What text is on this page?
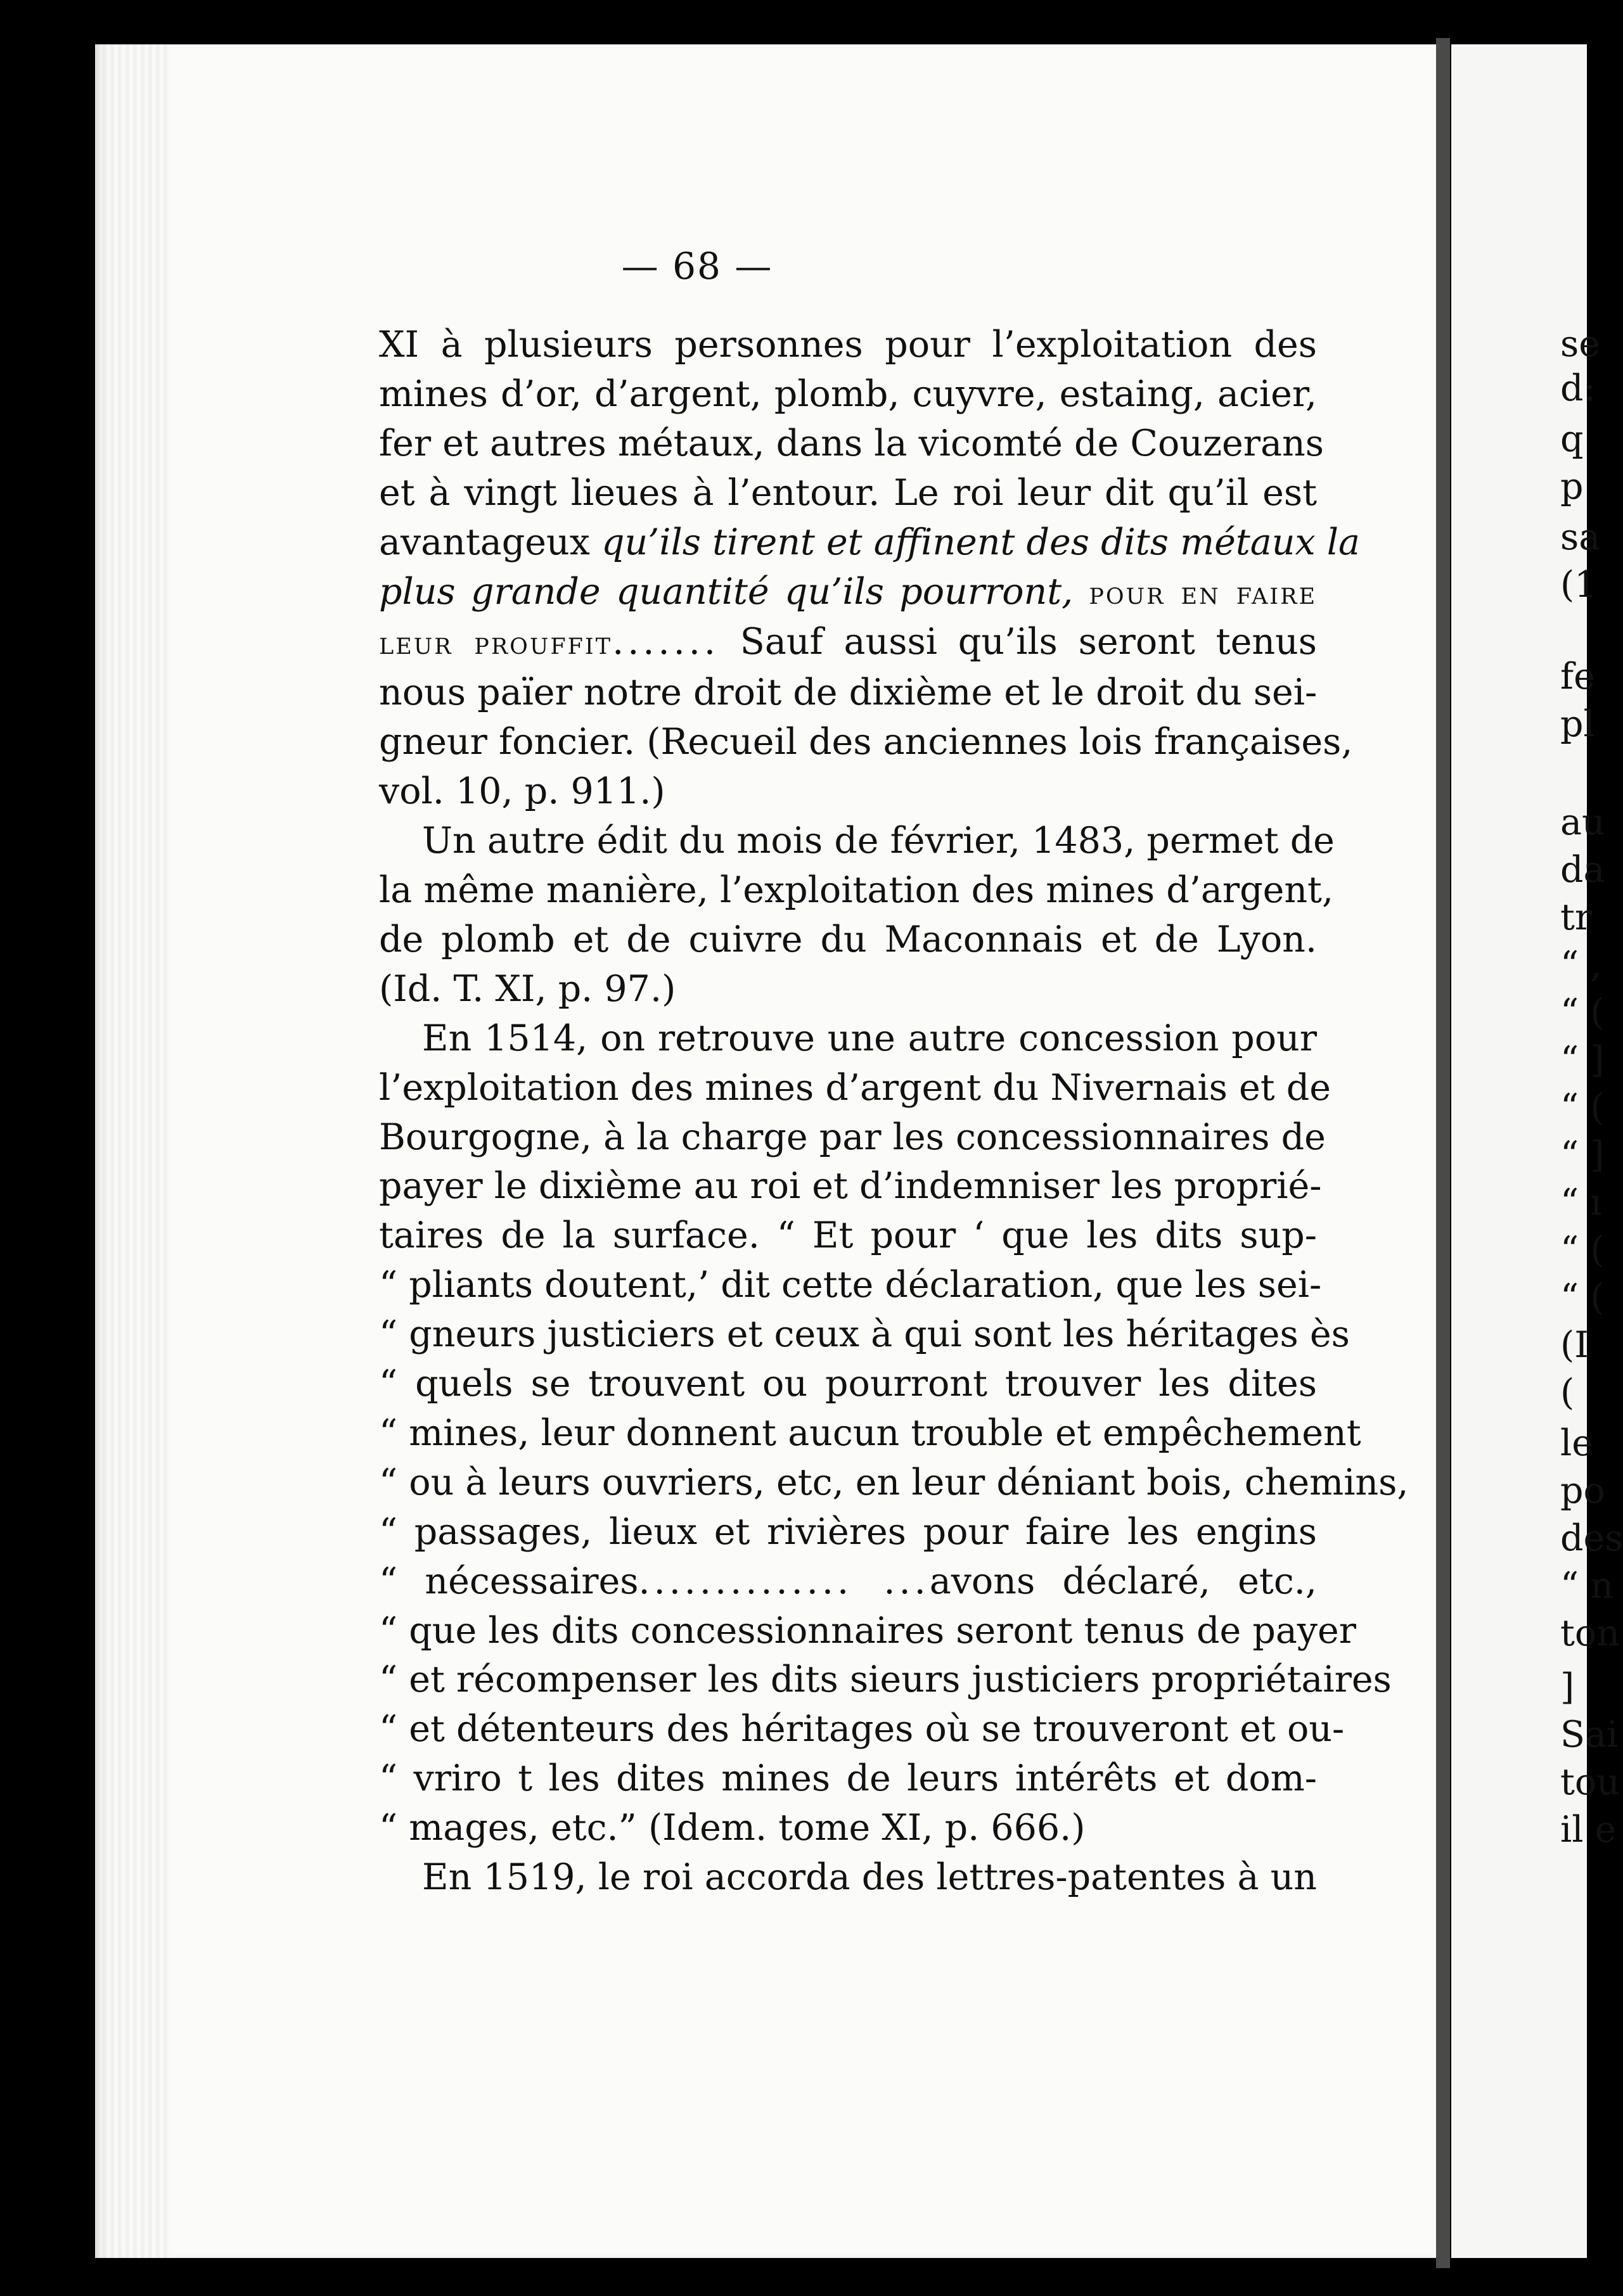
— 68 —
XI à plusieurs personnes pour l’exploitation des
mines d’or, d’argent, plomb, cuyvre, estaing, acier,
fer et autres métaux, dans la vicomté de Couzerans
et à vingt lieues à l’entour. Le roi leur dit qu’il est
avantageux qu’ils tirent et affinent des dits métaux la
plus grande quantité qu’ils pourront, pour en faire
leur prouffit....... Sauf aussi qu’ils seront tenus
nous païer notre droit de dixième et le droit du sei-
gneur foncier. (Recueil des anciennes lois françaises,
vol. 10, p. 911.)
Un autre édit du mois de février, 1483, permet de
la même manière, l’exploitation des mines d’argent,
de plomb et de cuivre du Maconnais et de Lyon.
(Id. T. XI, p. 97.)
En 1514, on retrouve une autre concession pour
l’exploitation des mines d’argent du Nivernais et de
Bourgogne, à la charge par les concessionnaires de
payer le dixième au roi et d’indemniser les proprié-
taires de la surface. “ Et pour ‘ que les dits sup-
“ pliants doutent,’ dit cette déclaration, que les sei-
“ gneurs justiciers et ceux à qui sont les héritages ès
“ quels se trouvent ou pourront trouver les dites
“ mines, leur donnent aucun trouble et empêchement
“ ou à leurs ouvriers, etc, en leur déniant bois, chemins,
“ passages, lieux et rivières pour faire les engins
“ nécessaires.............. ...avons déclaré, etc.,
“ que les dits concessionnaires seront tenus de payer
“ et récompenser les dits sieurs justiciers propriétaires
“ et détenteurs des héritages où se trouveront et ou-
“ vriro t les dites mines de leurs intérêts et dom-
“ mages, etc.” (Idem. tome XI, p. 666.)
En 1519, le roi accorda des lettres-patentes à un
se
d:
q
p
sa
(1
fe
pl
au
da
tr
“ ,
“ (
“ ]
“ (
“ ]
“ ı
“ (
“ (
(I
(
le
po
des
“ n
ton
]
Sai
tou
il e
